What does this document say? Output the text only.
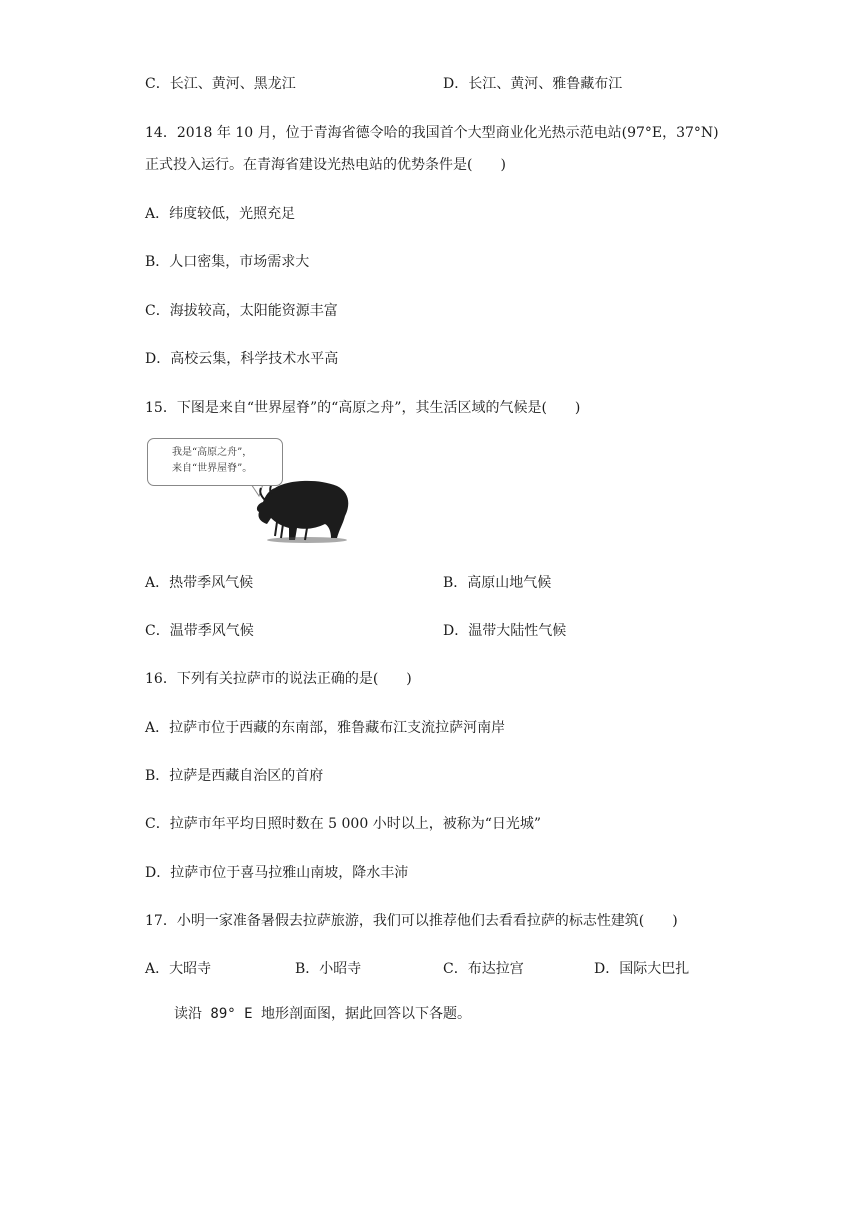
C．长江、黄河、黑龙江	D．长江、黄河、雅鲁藏布江
14．2018 年 10 月，位于青海省德令哈的我国首个大型商业化光热示范电站(97°E，37°N)
正式投入运行。在青海省建设光热电站的优势条件是(　　)
A．纬度较低，光照充足
B．人口密集，市场需求大
C．海拔较高，太阳能资源丰富
D．高校云集，科学技术水平高
15．下图是来自“世界屋脊”的“高原之舟”，其生活区域的气候是(　　)
我是“高原之舟”，
来自“世界屋脊”。
A．热带季风气候	B．高原山地气候
C．温带季风气候	D．温带大陆性气候
16．下列有关拉萨市的说法正确的是(　　)
A．拉萨市位于西藏的东南部，雅鲁藏布江支流拉萨河南岸
B．拉萨是西藏自治区的首府
C．拉萨市年平均日照时数在 5 000 小时以上，被称为“日光城”
D．拉萨市位于喜马拉雅山南坡，降水丰沛
17．小明一家准备暑假去拉萨旅游，我们可以推荐他们去看看拉萨的标志性建筑(　　)
A．大昭寺	B．小昭寺	C．布达拉宫	D．国际大巴扎
读沿 89° E 地形剖面图，据此回答以下各题。
